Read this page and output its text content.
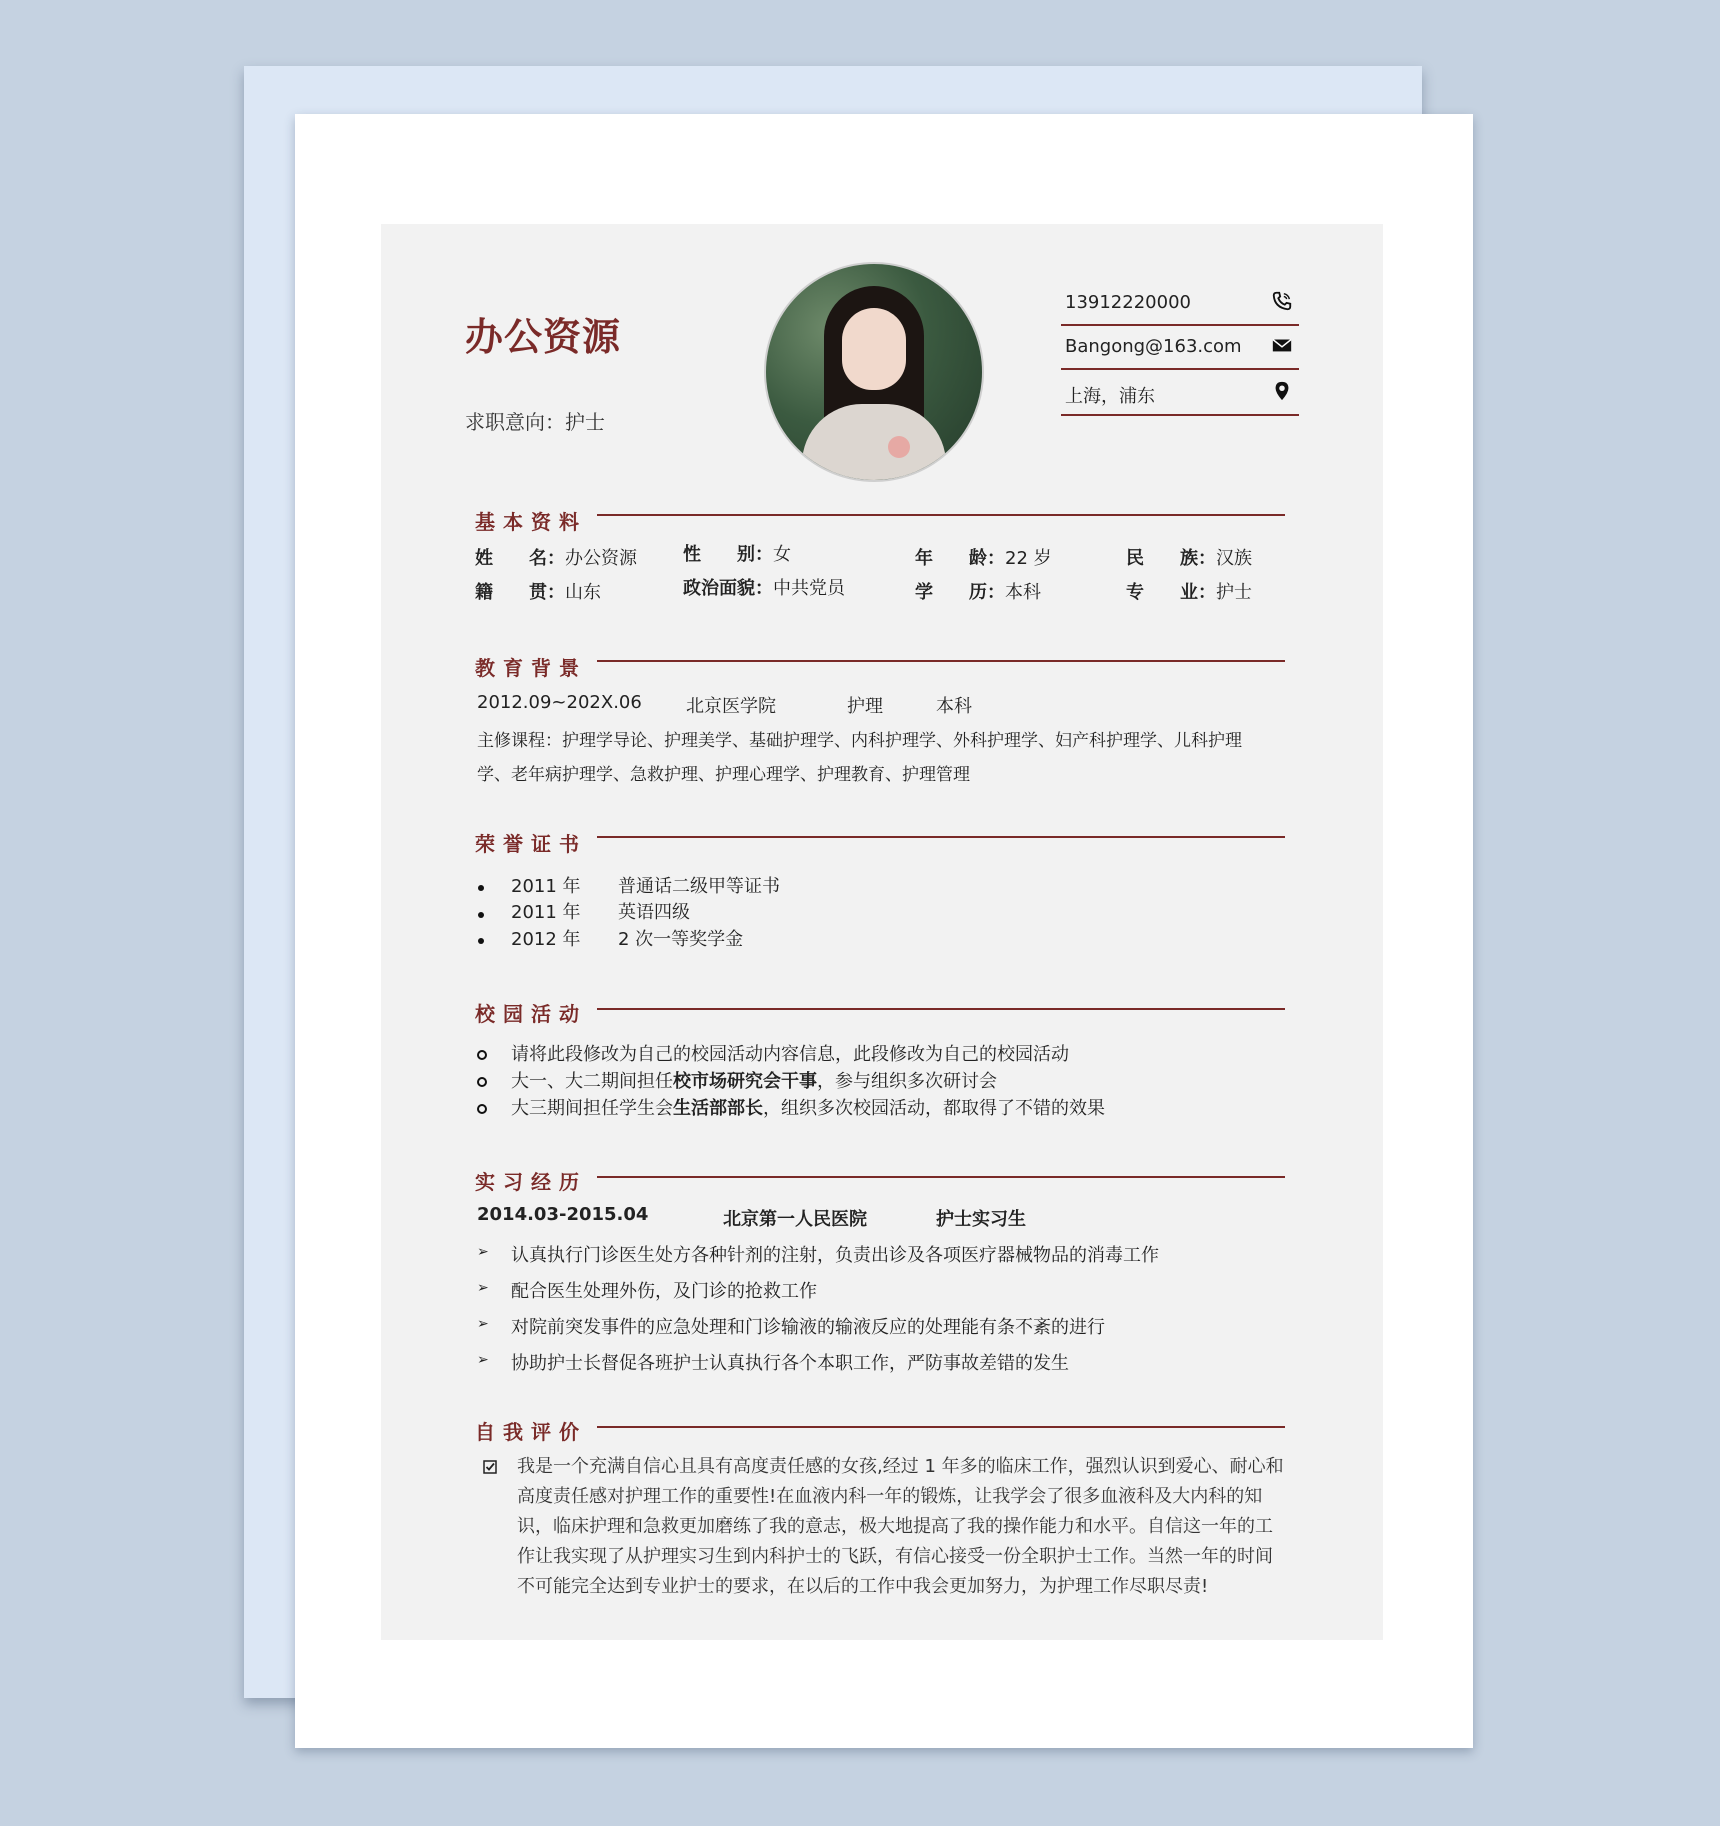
办公资源
求职意向：护士
13912220000
Bangong@163.com
上海，浦东
基本资料
姓　　名：办公资源	性　　别：女	年　　龄：22 岁	民　　族：汉族
籍　　贯：山东	政治面貌：中共党员	学　　历：本科	专　　业：护士
教育背景
2012.09~202X.06 北京医学院	护理	本科
主修课程：护理学导论、护理美学、基础护理学、内科护理学、外科护理学、妇产科护理学、儿科护理
学、老年病护理学、急救护理、护理心理学、护理教育、护理管理
荣誉证书
2011 年 普通话二级甲等证书
2011 年 英语四级
2012 年 2 次一等奖学金
校园活动
请将此段修改为自己的校园活动内容信息，此段修改为自己的校园活动
大一、大二期间担任校市场研究会干事，参与组织多次研讨会
大三期间担任学生会生活部部长，组织多次校园活动，都取得了不错的效果
实习经历
2014.03-2015.04	北京第一人民医院	护士实习生
➢ 认真执行门诊医生处方各种针剂的注射，负责出诊及各项医疗器械物品的消毒工作
➢ 配合医生处理外伤，及门诊的抢救工作
➢ 对院前突发事件的应急处理和门诊输液的输液反应的处理能有条不紊的进行
➢ 协助护士长督促各班护士认真执行各个本职工作，严防事故差错的发生
自我评价
我是一个充满自信心且具有高度责任感的女孩,经过 1 年多的临床工作，强烈认识到爱心、耐心和高度责任感对护理工作的重要性!在血液内科一年的锻炼，让我学会了很多血液科及大内科的知识，临床护理和急救更加磨练了我的意志，极大地提高了我的操作能力和水平。自信这一年的工作让我实现了从护理实习生到内科护士的飞跃，有信心接受一份全职护士工作。当然一年的时间不可能完全达到专业护士的要求，在以后的工作中我会更加努力，为护理工作尽职尽责!
